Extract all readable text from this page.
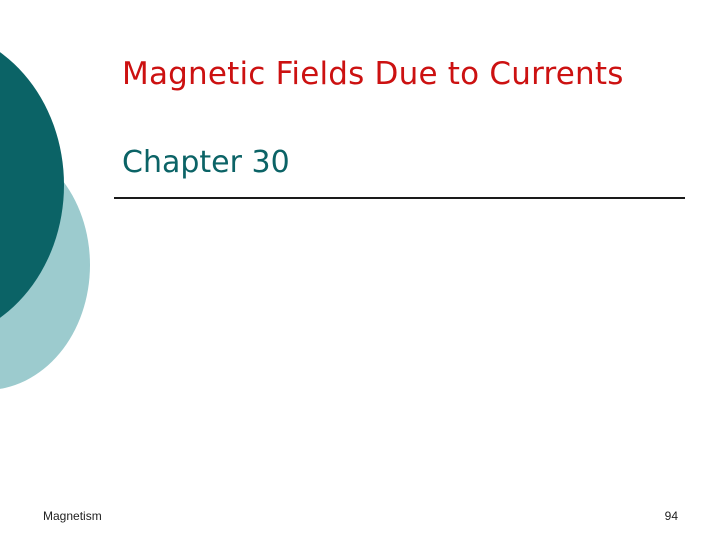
Magnetic Fields Due to Currents
Chapter 30
Magnetism	94
